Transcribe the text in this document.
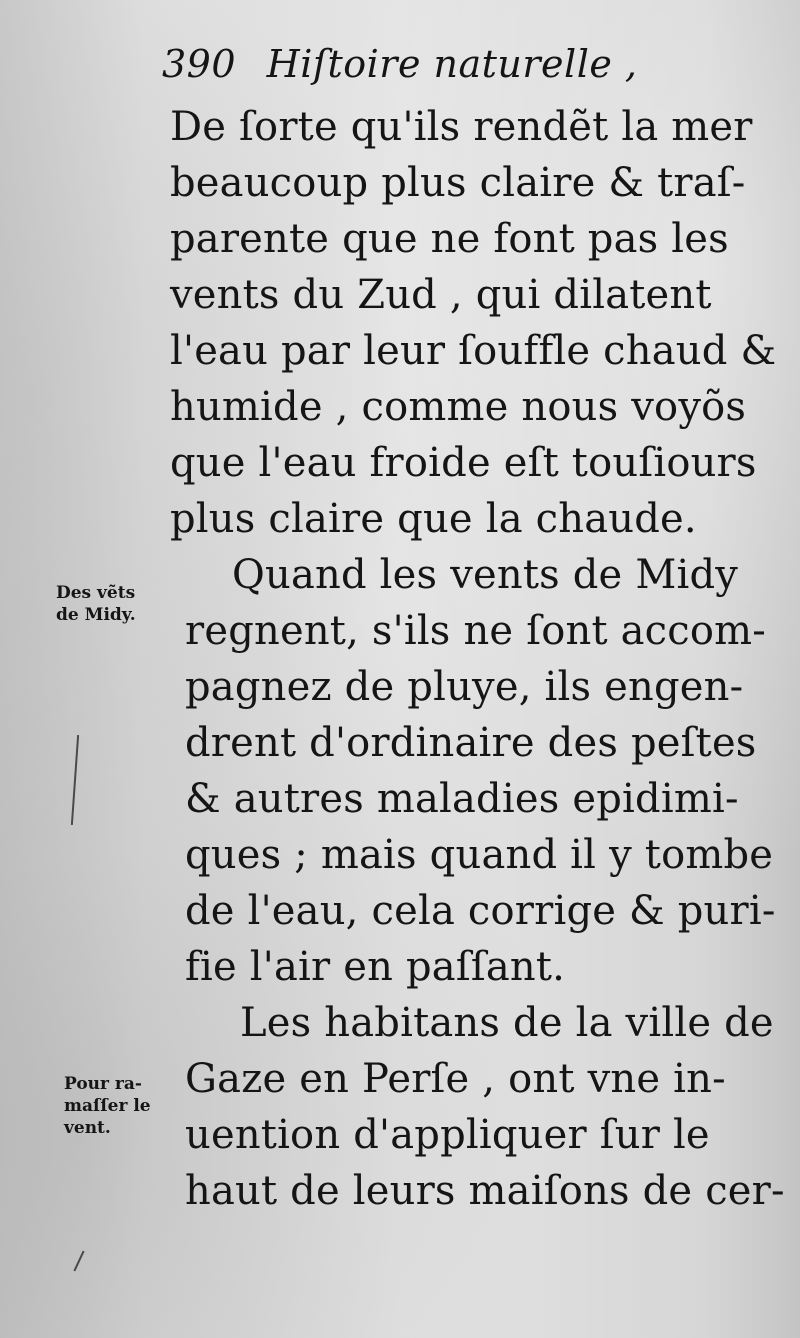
390 Hiſtoire naturelle ,
De ſorte qu'ils rendẽt la mer
beaucoup plus claire & traſ-
parente que ne font pas les
vents du Zud , qui dilatent
l'eau par leur ſouffle chaud &
humide , comme nous voyõs
que l'eau froide eſt touſiours
plus claire que la chaude.
Quand les vents de Midy
regnent, s'ils ne ſont accom-
pagnez de pluye, ils engen-
drent d'ordinaire des peſtes
& autres maladies epidimi-
ques ; mais quand il y tombe
de l'eau, cela corrige & puri-
fie l'air en paſſant.
Les habitans de la ville de
Gaze en Perſe , ont vne in-
uention d'appliquer ſur le
haut de leurs maiſons de cer-
Des vẽts
de Midy.
Pour ra-
maſſer le
vent.
